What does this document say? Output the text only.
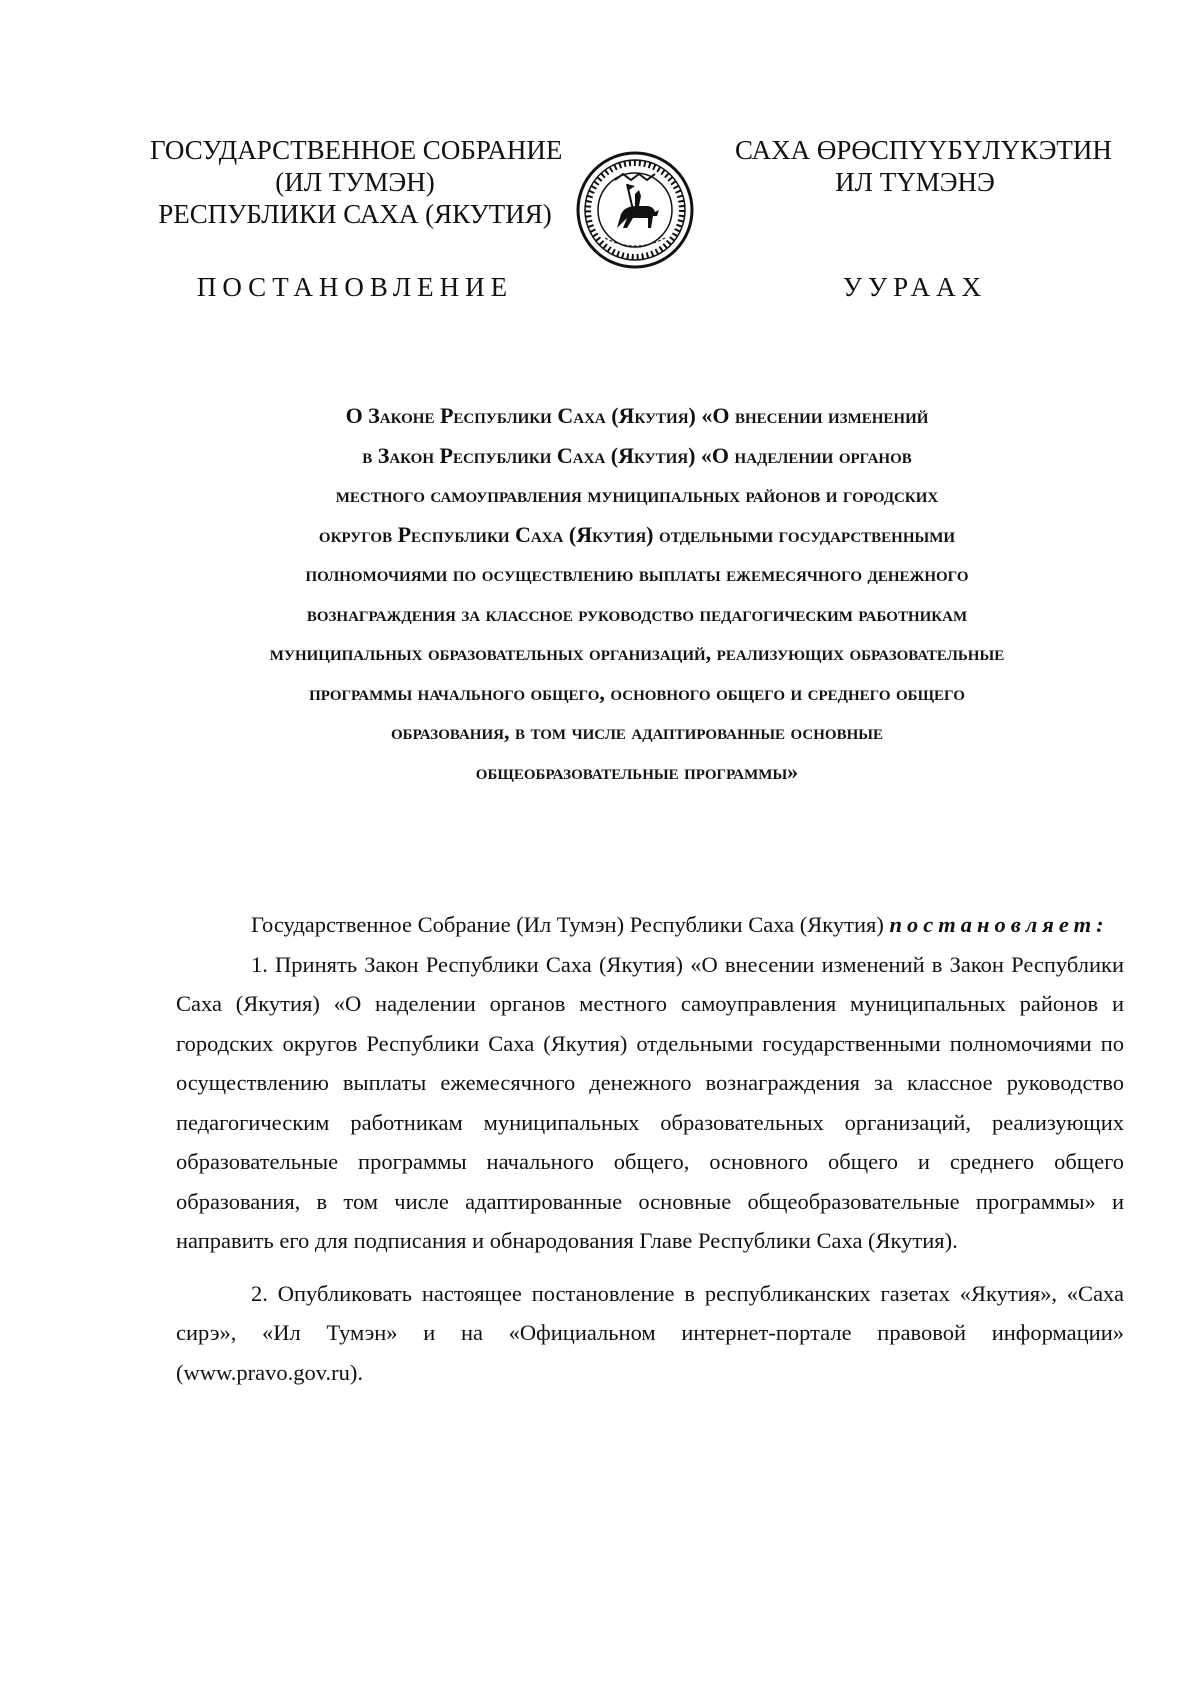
ГОСУДАРСТВЕННОЕ СОБРАНИЕ
(ИЛ ТУМЭН)
РЕСПУБЛИКИ САХА (ЯКУТИЯ)
САХА ӨРӨСПҮҮБҮЛҮКЭТИН
ИЛ ТҮМЭНЭ
ПОСТАНОВЛЕНИЕ	УУРААХ
О Законе Республики Саха (Якутия) «О внесении изменений
в Закон Республики Саха (Якутия) «О наделении органов
местного самоуправления муниципальных районов и городских
округов Республики Саха (Якутия) отдельными государственными
полномочиями по осуществлению выплаты ежемесячного денежного
вознаграждения за классное руководство педагогическим работникам
муниципальных образовательных организаций, реализующих образовательные
программы начального общего, основного общего и среднего общего
образования, в том числе адаптированные основные
общеобразовательные программы»

Государственное Собрание (Ил Тумэн) Республики Саха (Якутия) постановляет:

1. Принять Закон Республики Саха (Якутия) «О внесении изменений в Закон Республики Саха (Якутия) «О наделении органов местного самоуправления муниципальных районов и городских округов Республики Саха (Якутия) отдельными государственными полномочиями по осуществлению выплаты ежемесячного денежного вознаграждения за классное руководство педагогическим работникам муниципальных образовательных организаций, реализующих образовательные программы начального общего, основного общего и среднего общего образования, в том числе адаптированные основные общеобразовательные программы» и направить его для подписания и обнародования Главе Республики Саха (Якутия).

2. Опубликовать настоящее постановление в республиканских газетах «Якутия», «Саха сирэ», «Ил Тумэн» и на «Официальном интернет-портале правовой информации» (www.pravo.gov.ru).
